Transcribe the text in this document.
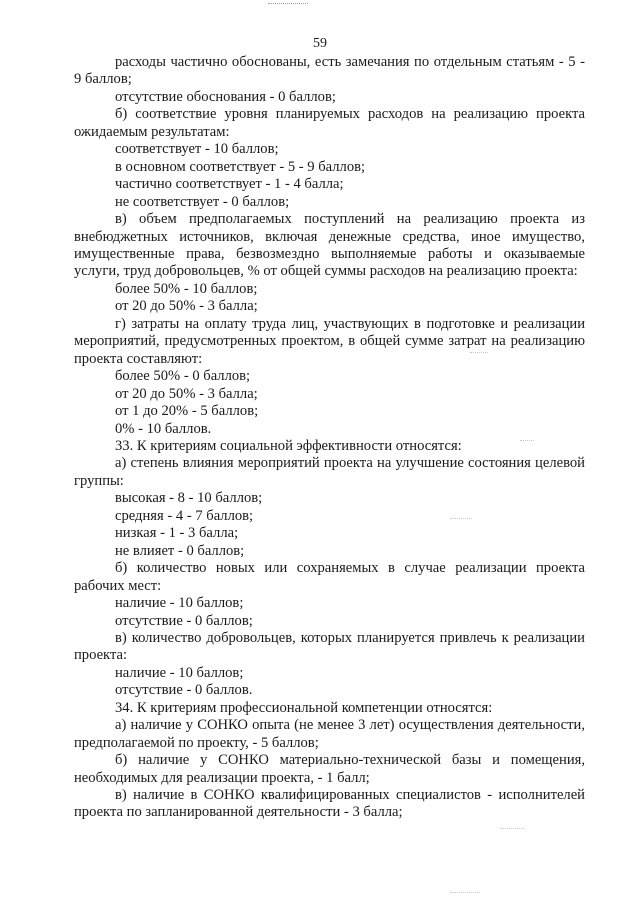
59

расходы частично обоснованы, есть замечания по отдельным статьям - 5 - 9 баллов;

отсутствие обоснования - 0 баллов;

б) соответствие уровня планируемых расходов на реализацию проекта ожидаемым результатам:

соответствует - 10 баллов;
в основном соответствует - 5 - 9 баллов;
частично соответствует - 1 - 4 балла;
не соответствует - 0 баллов;

в) объем предполагаемых поступлений на реализацию проекта из внебюджетных источников, включая денежные средства, иное имущество, имущественные права, безвозмездно выполняемые работы и оказываемые услуги, труд добровольцев, % от общей суммы расходов на реализацию проекта:

более 50% - 10 баллов;
от 20 до 50% - 3 балла;

г) затраты на оплату труда лиц, участвующих в подготовке и реализации мероприятий, предусмотренных проектом, в общей сумме затрат на реализацию проекта составляют:

более 50% - 0 баллов;
от 20 до 50% - 3 балла;
от 1 до 20% - 5 баллов;
0% - 10 баллов.
33. К критериям социальной эффективности относятся:

а) степень влияния мероприятий проекта на улучшение состояния целевой группы:

высокая - 8 - 10 баллов;
средняя - 4 - 7 баллов;
низкая - 1 - 3 балла;
не влияет - 0 баллов;

б) количество новых или сохраняемых в случае реализации проекта рабочих мест:

наличие - 10 баллов;
отсутствие - 0 баллов;

в) количество добровольцев, которых планируется привлечь к реализации проекта:

наличие - 10 баллов;
отсутствие - 0 баллов.
34. К критериям профессиональной компетенции относятся:

а) наличие у СОНКО опыта (не менее 3 лет) осуществления деятельности, предполагаемой по проекту, - 5 баллов;

б) наличие у СОНКО материально-технической базы и помещения, необходимых для реализации проекта, - 1 балл;

в) наличие в СОНКО квалифицированных специалистов - исполнителей проекта по запланированной деятельности - 3 балла;
